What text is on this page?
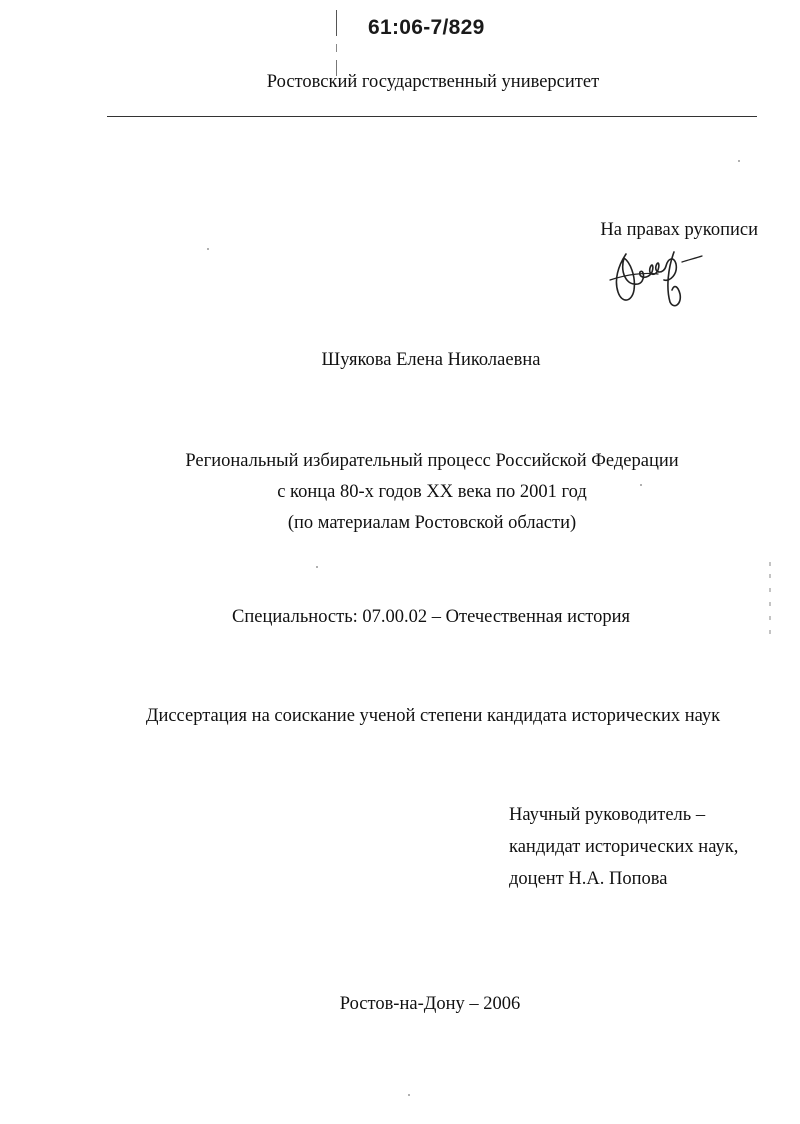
61:06-7/829
Ростовский государственный университет
На правах рукописи
Шуякова Елена Николаевна
Региональный избирательный процесс Российской Федерации
с конца 80-х годов XX века по 2001 год
(по материалам Ростовской области)
Специальность: 07.00.02 – Отечественная история
Диссертация на соискание ученой степени кандидата исторических наук
Научный руководитель –
кандидат исторических наук,
доцент Н.А. Попова
Ростов-на-Дону – 2006
